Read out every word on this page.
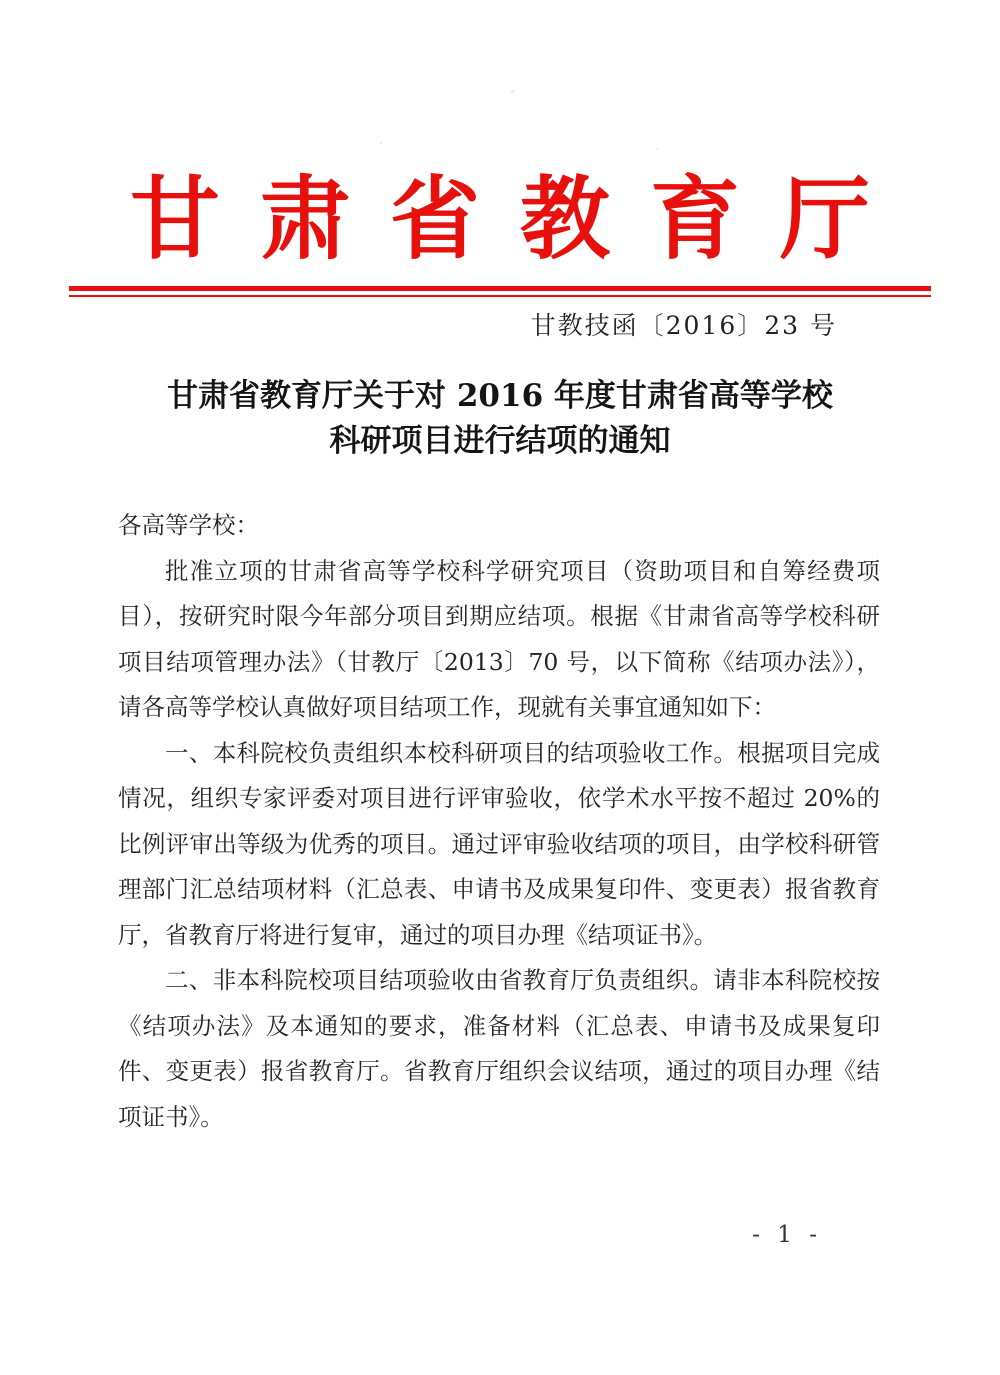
甘肃省教育厅
甘教技函〔2016〕23 号
甘肃省教育厅关于对 2016 年度甘肃省高等学校
科研项目进行结项的通知

各高等学校：

批准立项的甘肃省高等学校科学研究项目（资助项目和自筹经费项目），按研究时限今年部分项目到期应结项。根据《甘肃省高等学校科研项目结项管理办法》（甘教厅〔2013〕70 号，以下简称《结项办法》），请各高等学校认真做好项目结项工作，现就有关事宜通知如下：

一、本科院校负责组织本校科研项目的结项验收工作。根据项目完成情况，组织专家评委对项目进行评审验收，依学术水平按不超过 20%的比例评审出等级为优秀的项目。通过评审验收结项的项目，由学校科研管理部门汇总结项材料（汇总表、申请书及成果复印件、变更表）报省教育厅，省教育厅将进行复审，通过的项目办理《结项证书》。

二、非本科院校项目结项验收由省教育厅负责组织。请非本科院校按《结项办法》及本通知的要求，准备材料（汇总表、申请书及成果复印件、变更表）报省教育厅。省教育厅组织会议结项，通过的项目办理《结项证书》。

- 1 -
